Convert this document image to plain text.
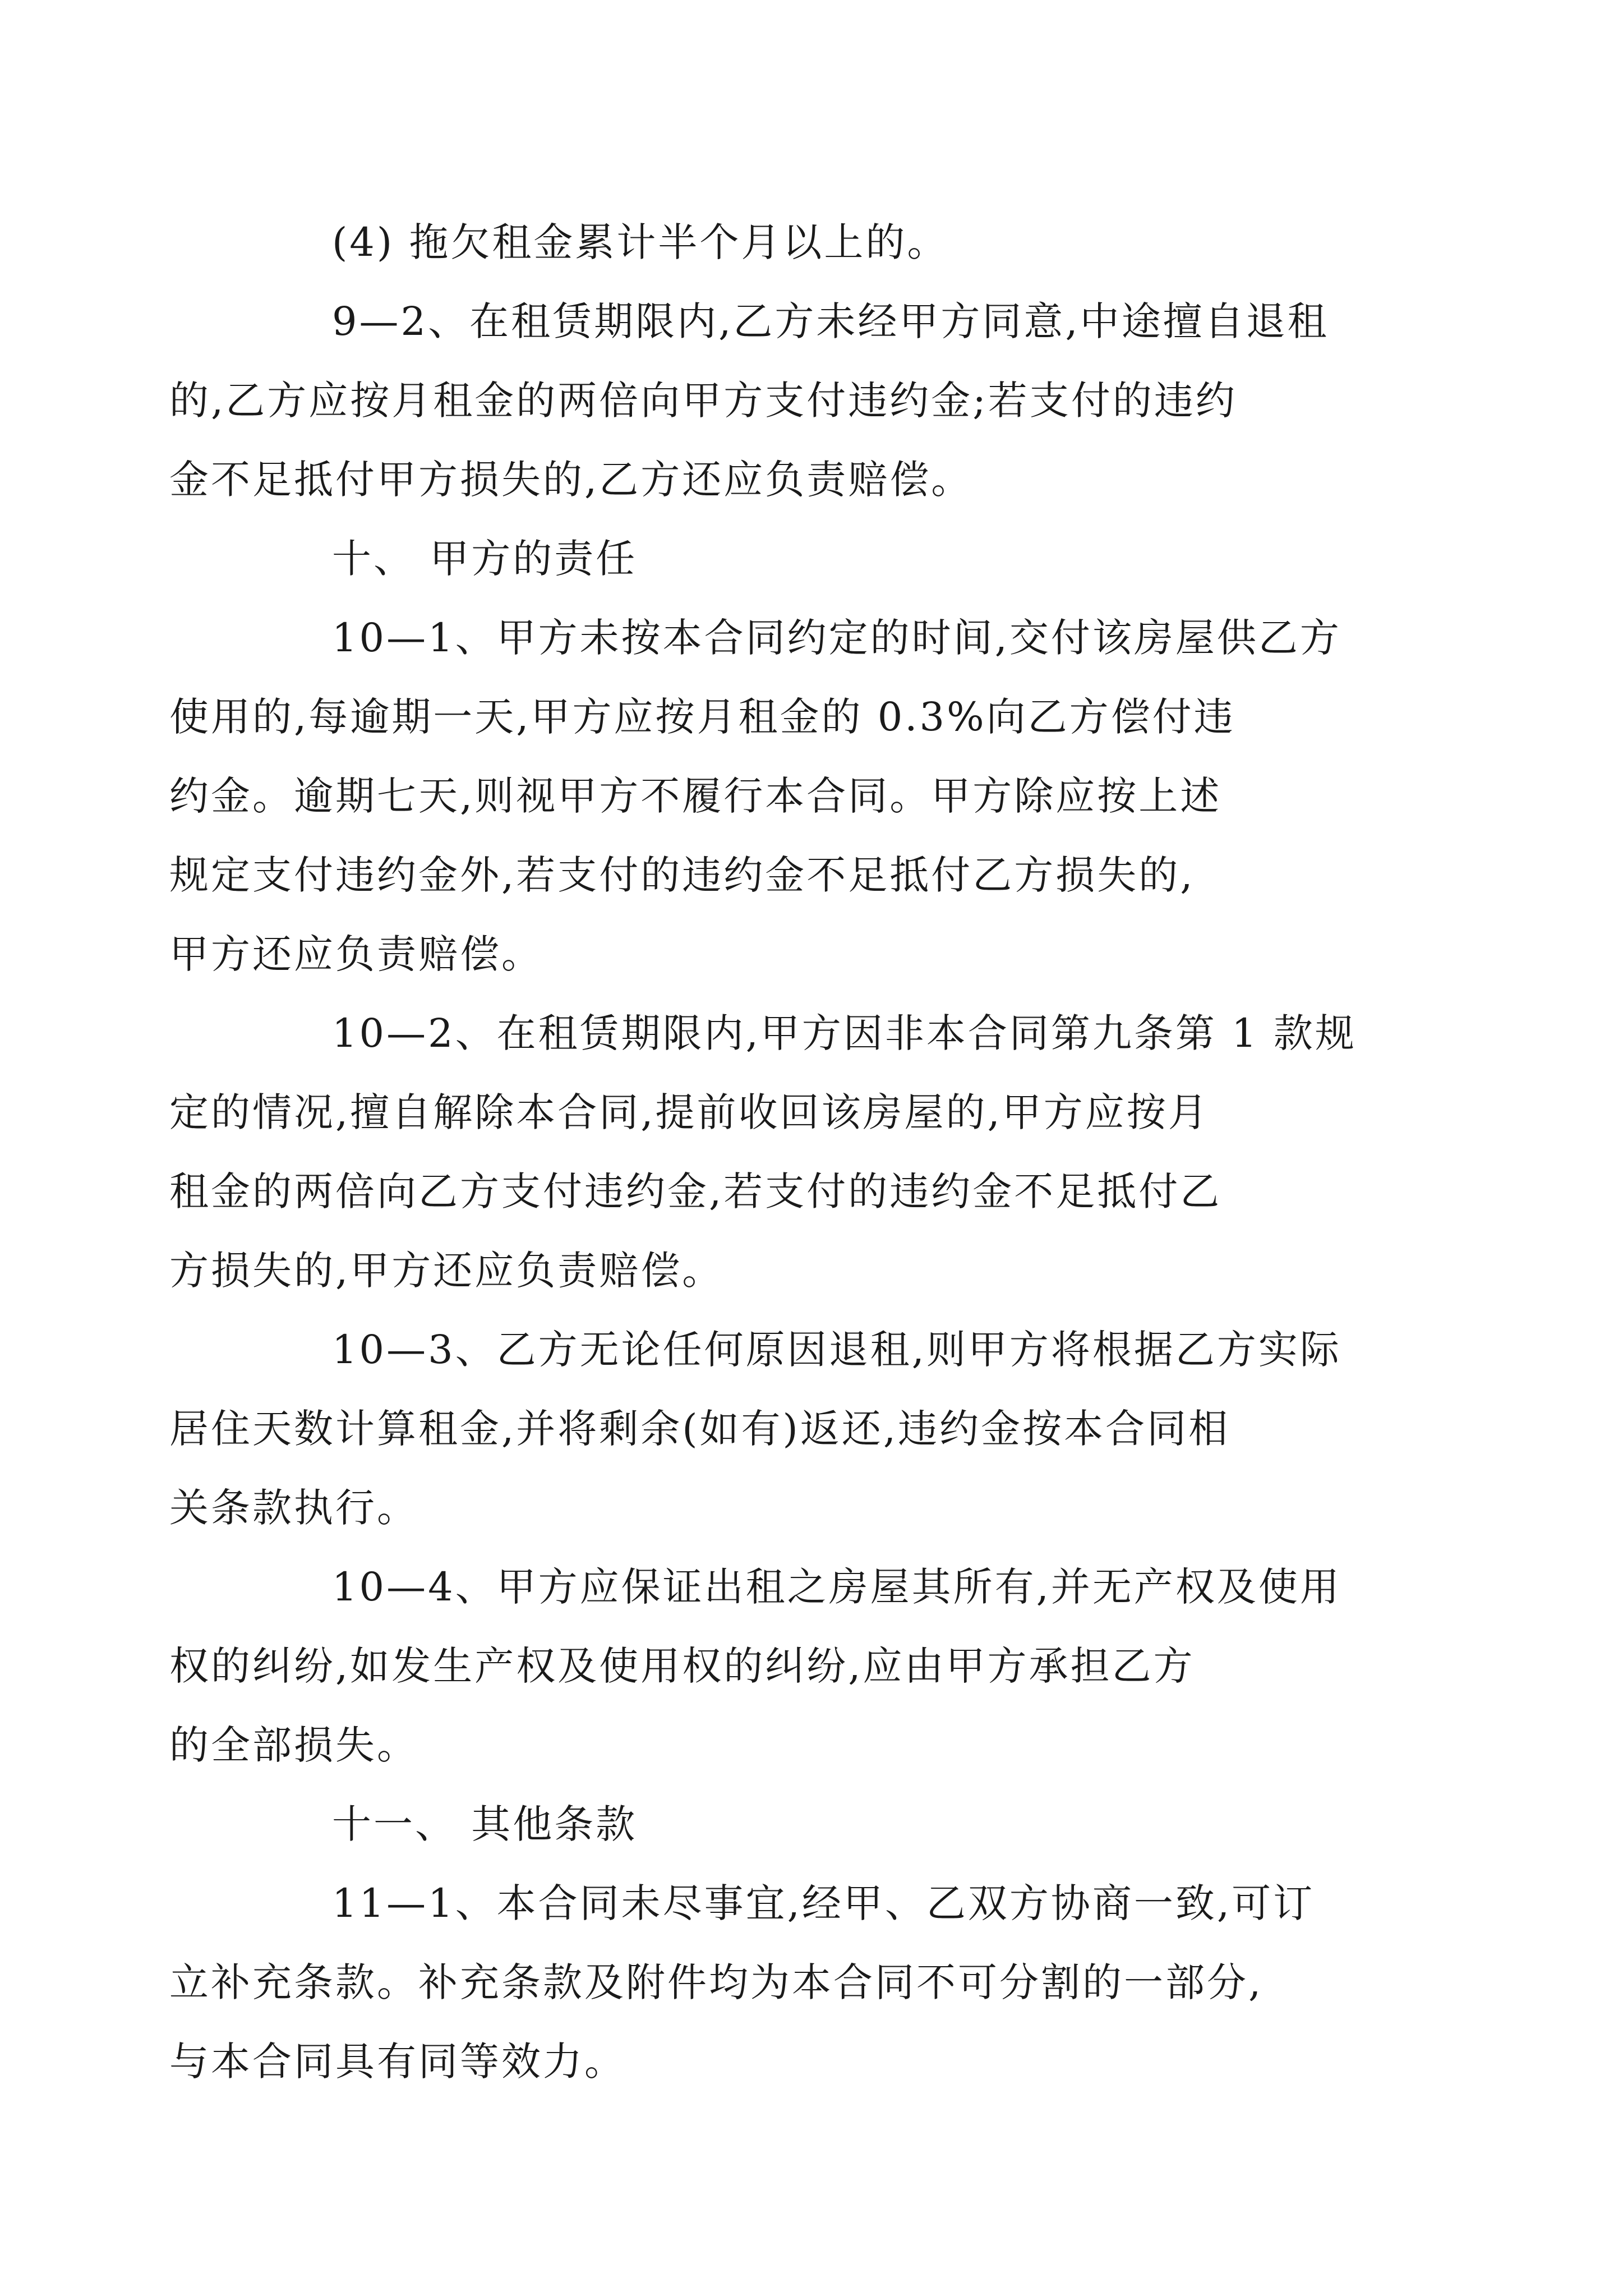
(4) 拖欠租金累计半个月以上的。

9—2、在租赁期限内,乙方未经甲方同意,中途擅自退租
的,乙方应按月租金的两倍向甲方支付违约金;若支付的违约
金不足抵付甲方损失的,乙方还应负责赔偿。

十、 甲方的责任

10—1、甲方未按本合同约定的时间,交付该房屋供乙方
使用的,每逾期一天,甲方应按月租金的 0.3%向乙方偿付违
约金。逾期七天,则视甲方不履行本合同。甲方除应按上述
规定支付违约金外,若支付的违约金不足抵付乙方损失的,
甲方还应负责赔偿。

10—2、在租赁期限内,甲方因非本合同第九条第 1 款规
定的情况,擅自解除本合同,提前收回该房屋的,甲方应按月
租金的两倍向乙方支付违约金,若支付的违约金不足抵付乙
方损失的,甲方还应负责赔偿。

10—3、乙方无论任何原因退租,则甲方将根据乙方实际
居住天数计算租金,并将剩余(如有)返还,违约金按本合同相
关条款执行。

10—4、甲方应保证出租之房屋其所有,并无产权及使用
权的纠纷,如发生产权及使用权的纠纷,应由甲方承担乙方
的全部损失。

十一、 其他条款

11—1、本合同未尽事宜,经甲、乙双方协商一致,可订
立补充条款。补充条款及附件均为本合同不可分割的一部分,
与本合同具有同等效力。
